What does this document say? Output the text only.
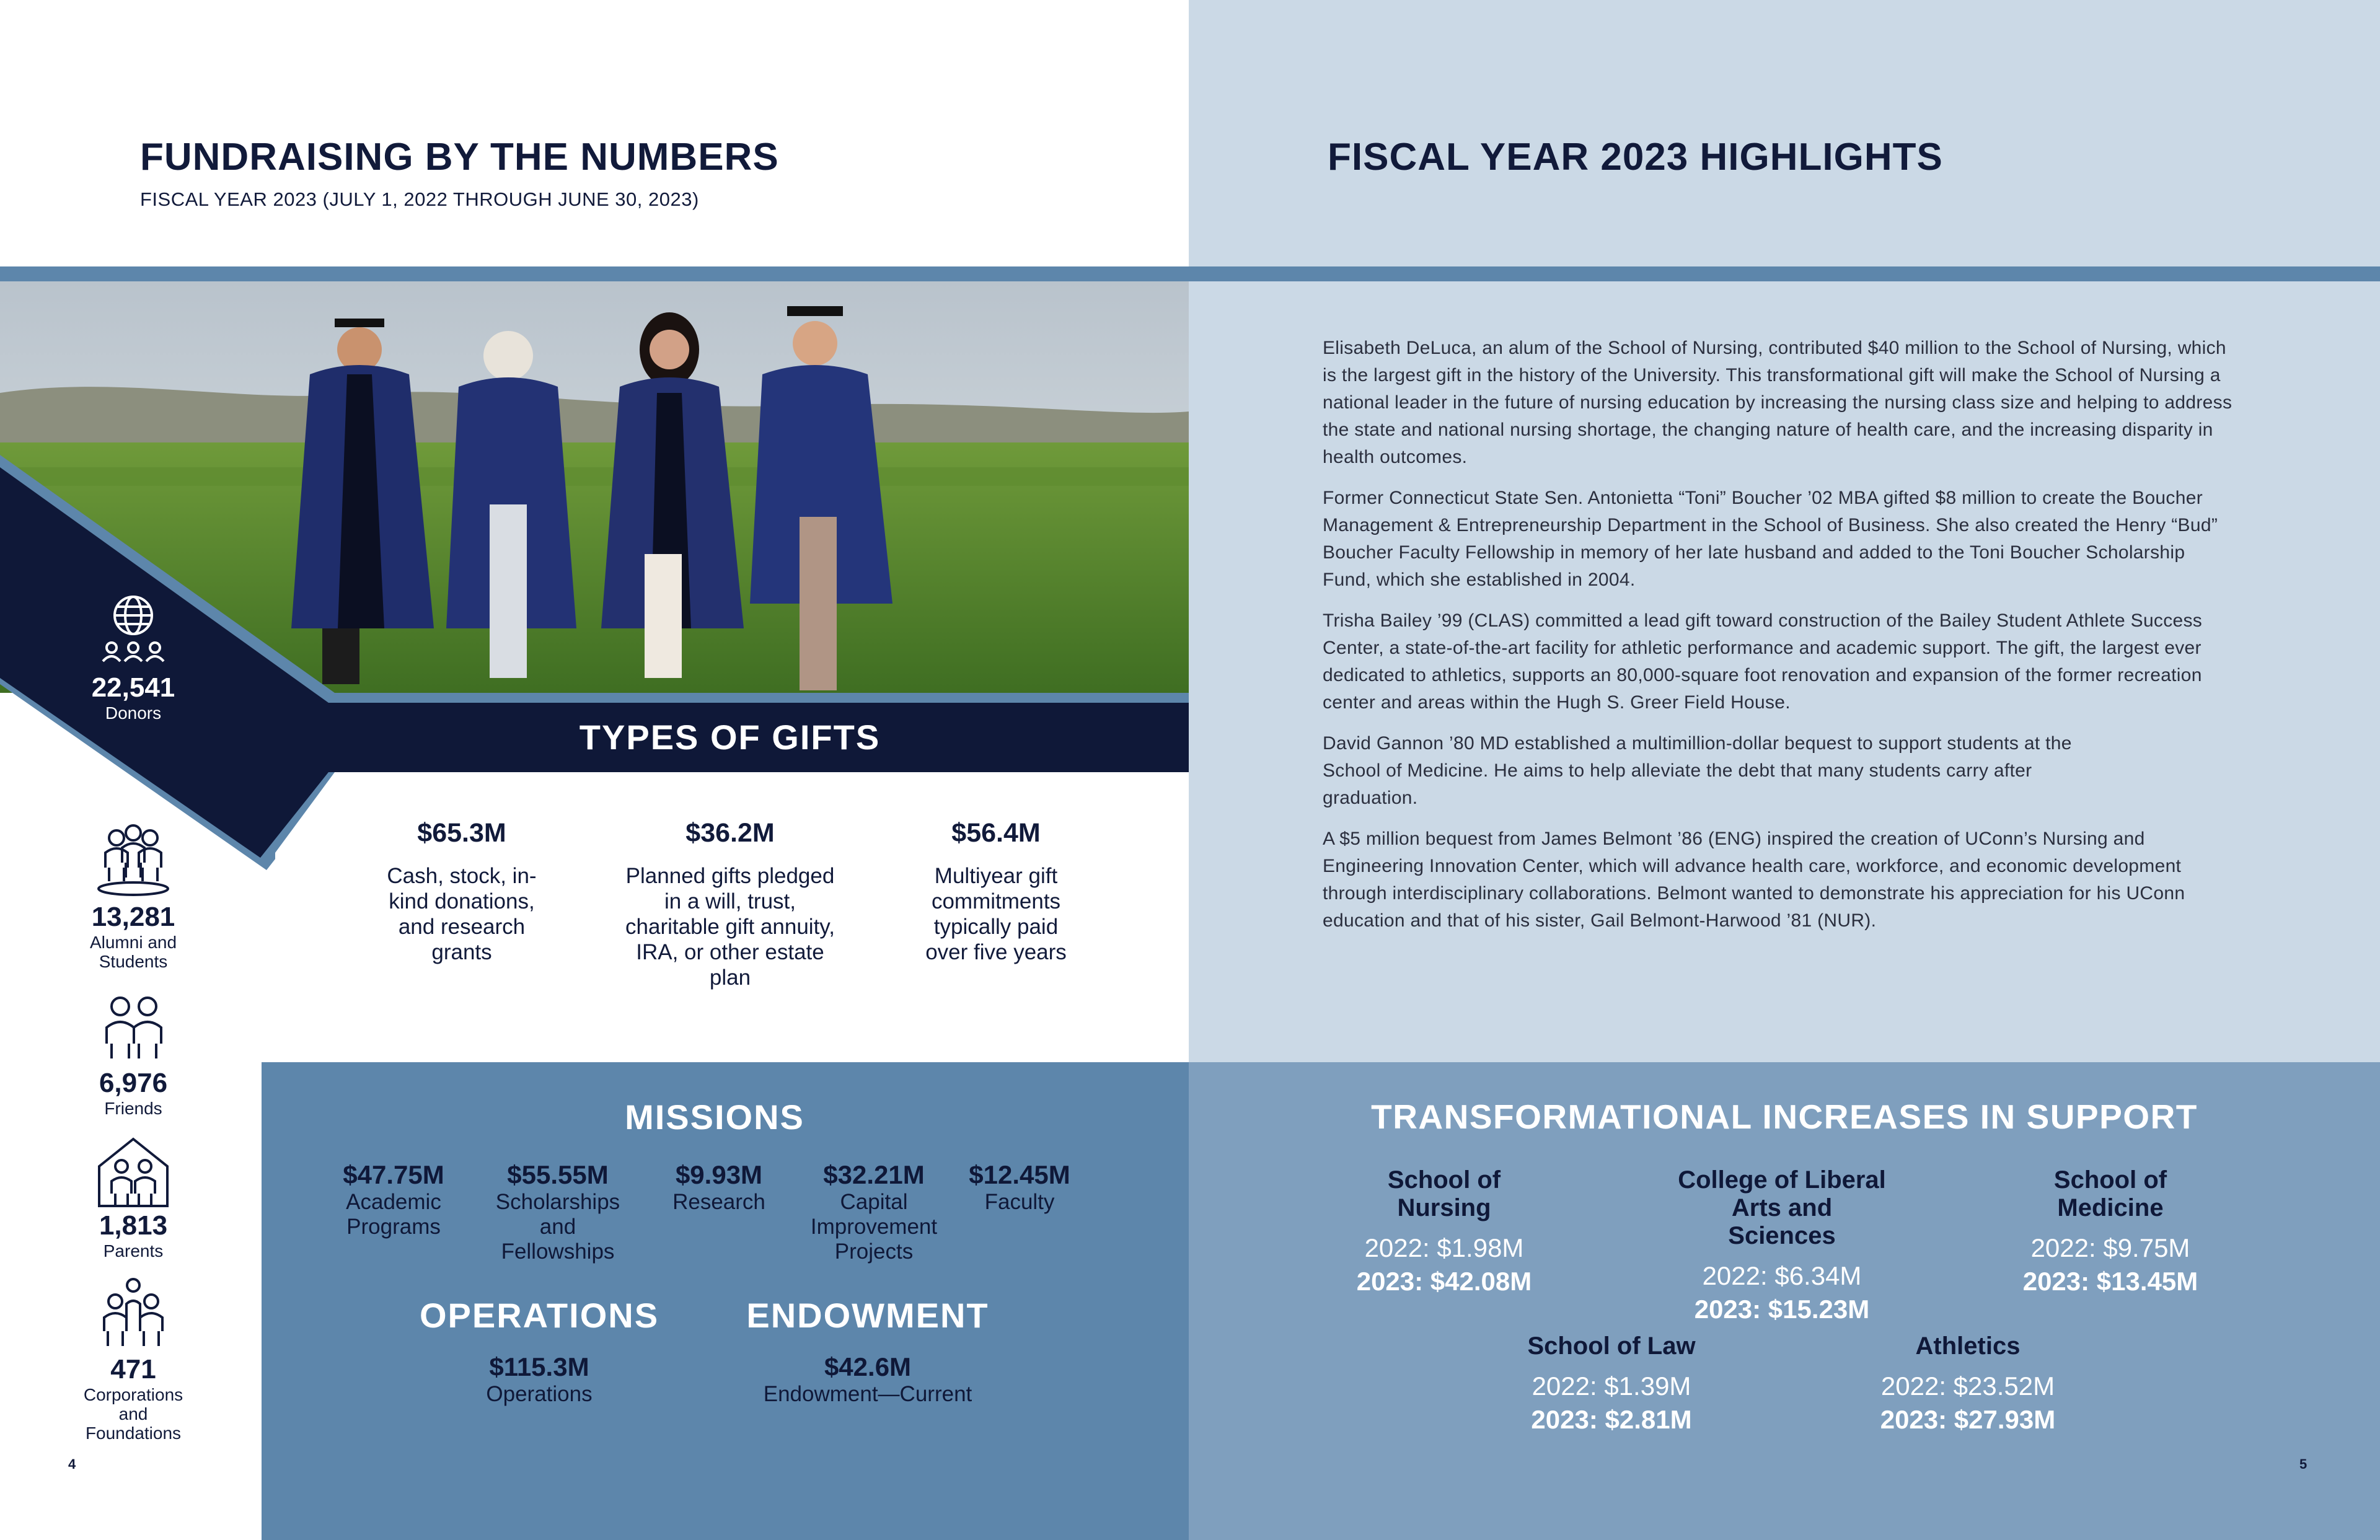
FUNDRAISING BY THE NUMBERS
FISCAL YEAR 2023 (JULY 1, 2022 THROUGH JUNE 30, 2023)
TYPES OF GIFTS
$65.3M
Cash, stock, in-kind donations, and research grants
$36.2M
Planned gifts pledged in a will, trust, charitable gift annuity, IRA, or other estate plan
$56.4M
Multiyear gift commitments typically paid over five years
MISSIONS
$47.75M
Academic Programs
$55.55M
Scholarships and Fellowships
$9.93M
Research
$32.21M
Capital Improvement Projects
$12.45M
Faculty
OPERATIONS
$115.3M
Operations
ENDOWMENT
$42.6M
Endowment—Current
22,541
Donors
13,281
Alumni and Students
6,976
Friends
1,813
Parents
471
Corporations and Foundations
4
FISCAL YEAR 2023 HIGHLIGHTS

Elisabeth DeLuca, an alum of the School of Nursing, contributed $40 million to the School of Nursing, which is the largest gift in the history of the University. This transformational gift will make the School of Nursing a national leader in the future of nursing education by increasing the nursing class size and helping to address the state and national nursing shortage, the changing nature of health care, and the increasing disparity in health outcomes.

Former Connecticut State Sen. Antonietta “Toni” Boucher ’02 MBA gifted $8 million to create the Boucher Management & Entrepreneurship Department in the School of Business. She also created the Henry “Bud” Boucher Faculty Fellowship in memory of her late husband and added to the Toni Boucher Scholarship Fund, which she established in 2004.

Trisha Bailey ’99 (CLAS) committed a lead gift toward construction of the Bailey Student Athlete Success Center, a state-of-the-art facility for athletic performance and academic support. The gift, the largest ever dedicated to athletics, supports an 80,000-square foot renovation and expansion of the former recreation center and areas within the Hugh S. Greer Field House.

David Gannon ’80 MD established a multimillion-dollar bequest to support students at the School of Medicine. He aims to help alleviate the debt that many students carry after graduation.

A $5 million bequest from James Belmont ’86 (ENG) inspired the creation of UConn’s Nursing and Engineering Innovation Center, which will advance health care, workforce, and economic development through interdisciplinary collaborations. Belmont wanted to demonstrate his appreciation for his UConn education and that of his sister, Gail Belmont-Harwood ’81 (NUR).

TRANSFORMATIONAL INCREASES IN SUPPORT
School of Nursing
2022: $1.98M
2023: $42.08M
College of Liberal Arts and Sciences
2022: $6.34M
2023: $15.23M
School of Medicine
2022: $9.75M
2023: $13.45M
School of Law
2022: $1.39M
2023: $2.81M
Athletics
2022: $23.52M
2023: $27.93M
5
